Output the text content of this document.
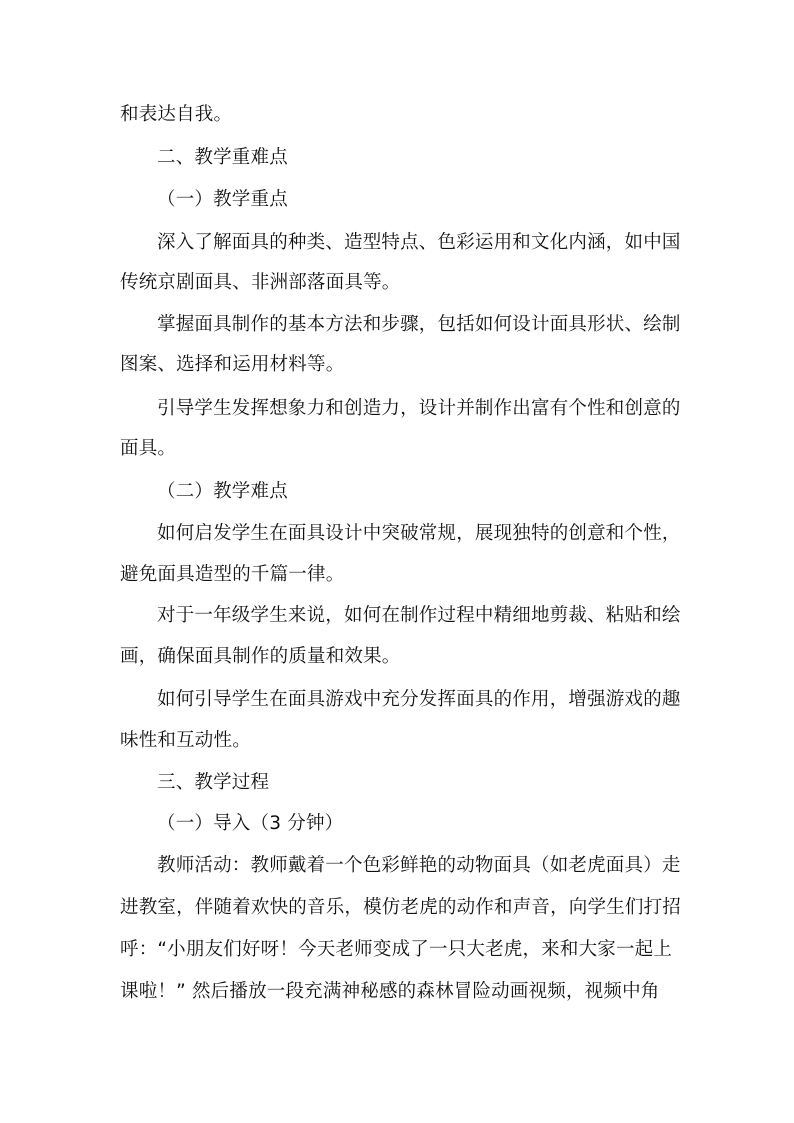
和表达自我。
二、教学重难点
（一）教学重点
深入了解面具的种类、造型特点、色彩运用和文化内涵，如中国
传统京剧面具、非洲部落面具等。
掌握面具制作的基本方法和步骤，包括如何设计面具形状、绘制
图案、选择和运用材料等。
引导学生发挥想象力和创造力，设计并制作出富有个性和创意的
面具。
（二）教学难点
如何启发学生在面具设计中突破常规，展现独特的创意和个性，
避免面具造型的千篇一律。
对于一年级学生来说，如何在制作过程中精细地剪裁、粘贴和绘
画，确保面具制作的质量和效果。
如何引导学生在面具游戏中充分发挥面具的作用，增强游戏的趣
味性和互动性。
三、教学过程
（一）导入（3 分钟）
教师活动：教师戴着一个色彩鲜艳的动物面具（如老虎面具）走
进教室，伴随着欢快的音乐，模仿老虎的动作和声音，向学生们打招
呼：“小朋友们好呀！今天老师变成了一只大老虎，来和大家一起上
课啦！” 然后播放一段充满神秘感的森林冒险动画视频，视频中角
